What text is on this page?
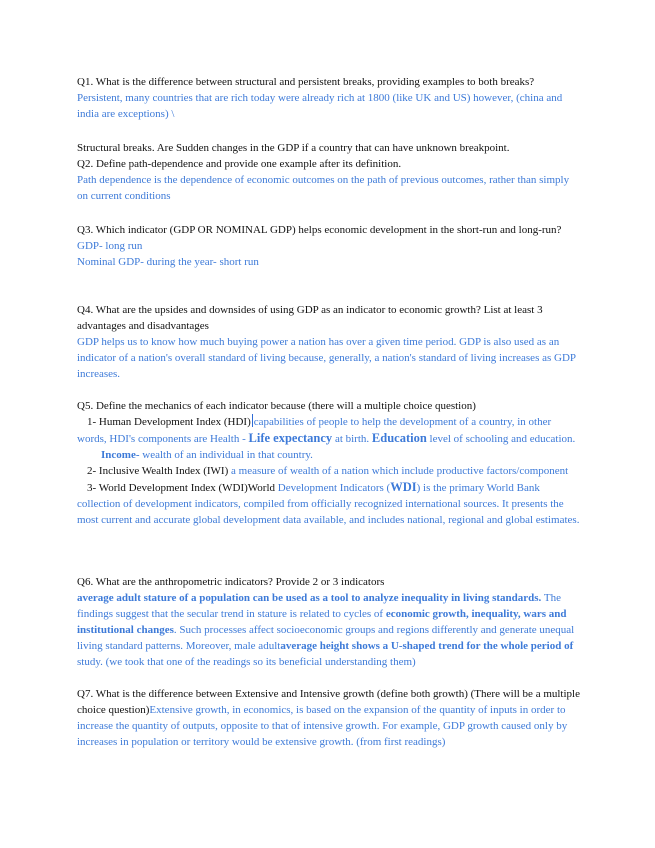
Q1. What is the difference between structural and persistent breaks, providing examples to both breaks?
Persistent, many countries that are rich today were already rich at 1800 (like UK and US) however, (china and india are exceptions) \
Structural breaks. Are Sudden changes in the GDP if a country that can have unknown breakpoint.
Q2. Define path-dependence and provide one example after its definition.
Path dependence is the dependence of economic outcomes on the path of previous outcomes, rather than simply on current conditions
Q3. Which indicator (GDP OR NOMINAL GDP) helps economic development in the short-run and long-run?
GDP- long run
Nominal GDP- during the year- short run
Q4. What are the upsides and downsides of using GDP as an indicator to economic growth? List at least 3 advantages and disadvantages
GDP helps us to know how much buying power a nation has over a given time period. GDP is also used as an indicator of a nation's overall standard of living because, generally, a nation's standard of living increases as GDP increases.
Q5. Define the mechanics of each indicator because (there will a multiple choice question)
1- Human Development Index (HDI) capabilities of people to help the development of a country, in other words, HDI's components are Health - Life expectancy at birth. Education level of schooling and education. Income- wealth of an individual in that country.
2- Inclusive Wealth Index (IWI) a measure of wealth of a nation which include productive factors/component
3- World Development Index (WDI)World Development Indicators (WDI) is the primary World Bank collection of development indicators, compiled from officially recognized international sources. It presents the most current and accurate global development data available, and includes national, regional and global estimates.
Q6. What are the anthropometric indicators? Provide 2 or 3 indicators
average adult stature of a population can be used as a tool to analyze inequality in living standards. The findings suggest that the secular trend in stature is related to cycles of economic growth, inequality, wars and institutional changes. Such processes affect socioeconomic groups and regions differently and generate unequal living standard patterns. Moreover, male adultaverage height shows a U-shaped trend for the whole period of study. (we took that one of the readings so its beneficial understanding them)
Q7. What is the difference between Extensive and Intensive growth (define both growth) (There will be a multiple choice question)Extensive growth, in economics, is based on the expansion of the quantity of inputs in order to increase the quantity of outputs, opposite to that of intensive growth. For example, GDP growth caused only by increases in population or territory would be extensive growth. (from first readings)
